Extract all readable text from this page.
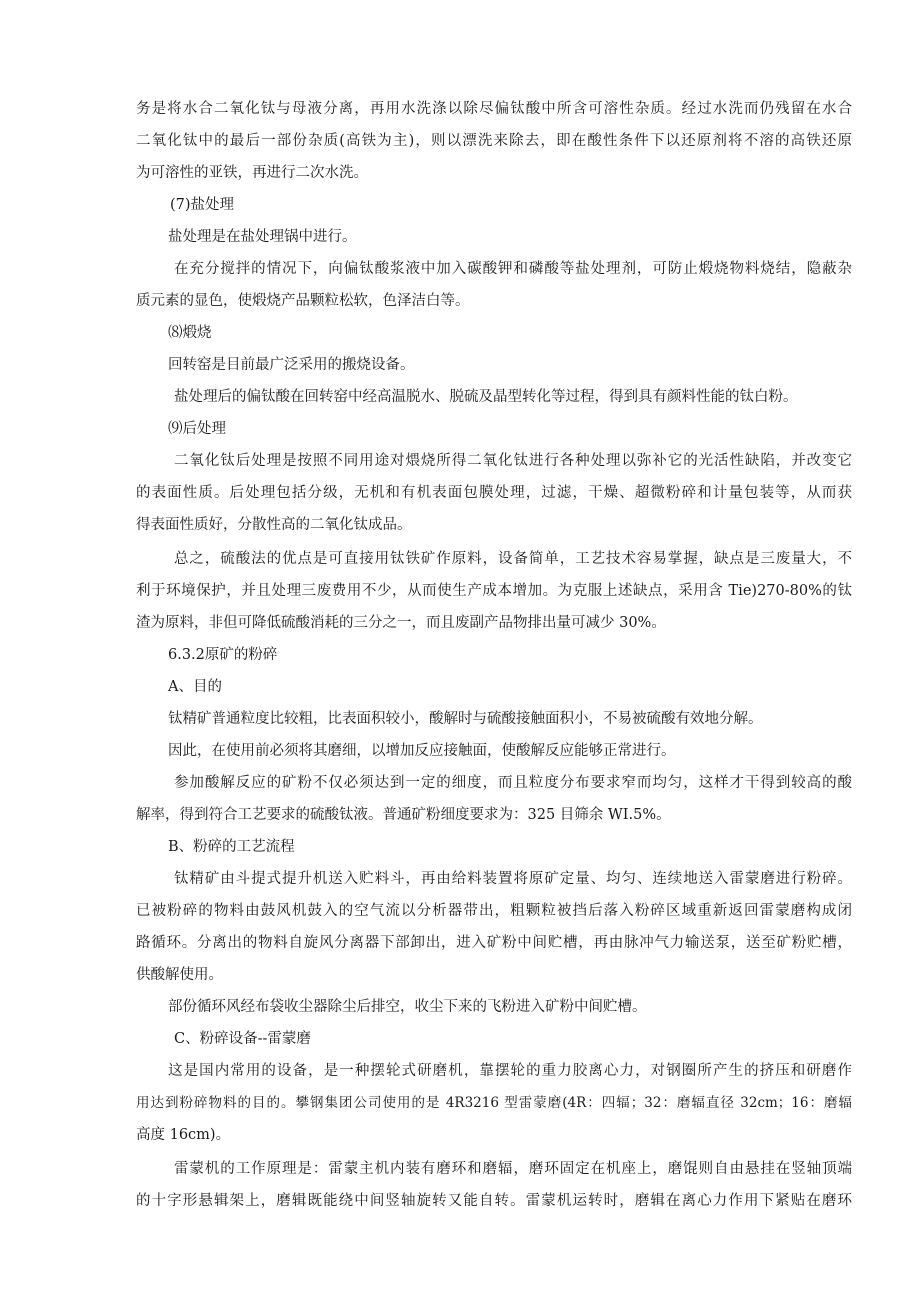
务是将水合二氧化钛与母液分离，再用水洗涤以除尽偏钛酸中所含可溶性杂质。经过水洗而仍残留在水合
二氧化钛中的最后一部份杂质(高铁为主)，则以漂洗来除去，即在酸性条件下以还原剂将不溶的高铁还原
为可溶性的亚铁，再进行二次水洗。
(7)盐处理
盐处理是在盐处理锅中进行。
在充分搅拌的情况下，向偏钛酸浆液中加入碳酸钾和磷酸等盐处理剂，可防止煅烧物料烧结，隐蔽杂
质元素的显色，使煅烧产品颗粒松软，色泽洁白等。
⑻煅烧
回转窑是目前最广泛采用的搬烧设备。
盐处理后的偏钛酸在回转窑中经高温脱水、脱硫及晶型转化等过程，得到具有颜料性能的钛白粉。
⑼后处理
二氧化钛后处理是按照不同用途对煨烧所得二氧化钛进行各种处理以弥补它的光活性缺陷，并改变它
的表面性质。后处理包括分级，无机和有机表面包膜处理，过滤，干燥、超微粉碎和计量包装等，从而获
得表面性质好，分散性高的二氧化钛成品。
总之，硫酸法的优点是可直接用钛铁矿作原料，设备简单，工艺技术容易掌握，缺点是三废量大，不
利于环境保护，并且处理三废费用不少，从而使生产成本增加。为克服上述缺点，采用含 Tie)270-80%的钛
渣为原料，非但可降低硫酸消耗的三分之一，而且废副产品物排出量可减少 30%。
6.3.2原矿的粉碎
A、目的
钛精矿普通粒度比较粗，比表面积较小，酸解时与硫酸接触面积小，不易被硫酸有效地分解。
因此，在使用前必须将其磨细，以增加反应接触面，使酸解反应能够正常进行。
参加酸解反应的矿粉不仅必须达到一定的细度，而且粒度分布要求窄而均匀，这样才干得到较高的酸
解率，得到符合工艺要求的硫酸钛液。普通矿粉细度要求为：325 目筛余 WI.5%。
B、粉碎的工艺流程
钛精矿由斗提式提升机送入贮料斗，再由给料装置将原矿定量、均匀、连续地送入雷蒙磨进行粉碎。
已被粉碎的物料由鼓风机鼓入的空气流以分析器带出，粗颗粒被挡后落入粉碎区域重新返回雷蒙磨构成闭
路循环。分离出的物料自旋风分离器下部卸出，进入矿粉中间贮槽，再由脉冲气力输送泵，送至矿粉贮槽，
供酸解使用。
部份循环风经布袋收尘器除尘后排空，收尘下来的飞粉进入矿粉中间贮槽。
C、粉碎设备--雷蒙磨
这是国内常用的设备，是一种摆轮式研磨机，靠摆轮的重力胶离心力，对钢圈所产生的挤压和研磨作
用达到粉碎物料的目的。攀钢集团公司使用的是 4R3216 型雷蒙磨(4R：四辐；32：磨辐直径 32cm；16：磨辐
高度 16cm)。
雷蒙机的工作原理是：雷蒙主机内装有磨环和磨辐，磨环固定在机座上，磨馄则自由悬挂在竖轴顶端
的十字形悬辑架上，磨辑既能绕中间竖轴旋转又能自转。雷蒙机运转时，磨辑在离心力作用下紧贴在磨环
